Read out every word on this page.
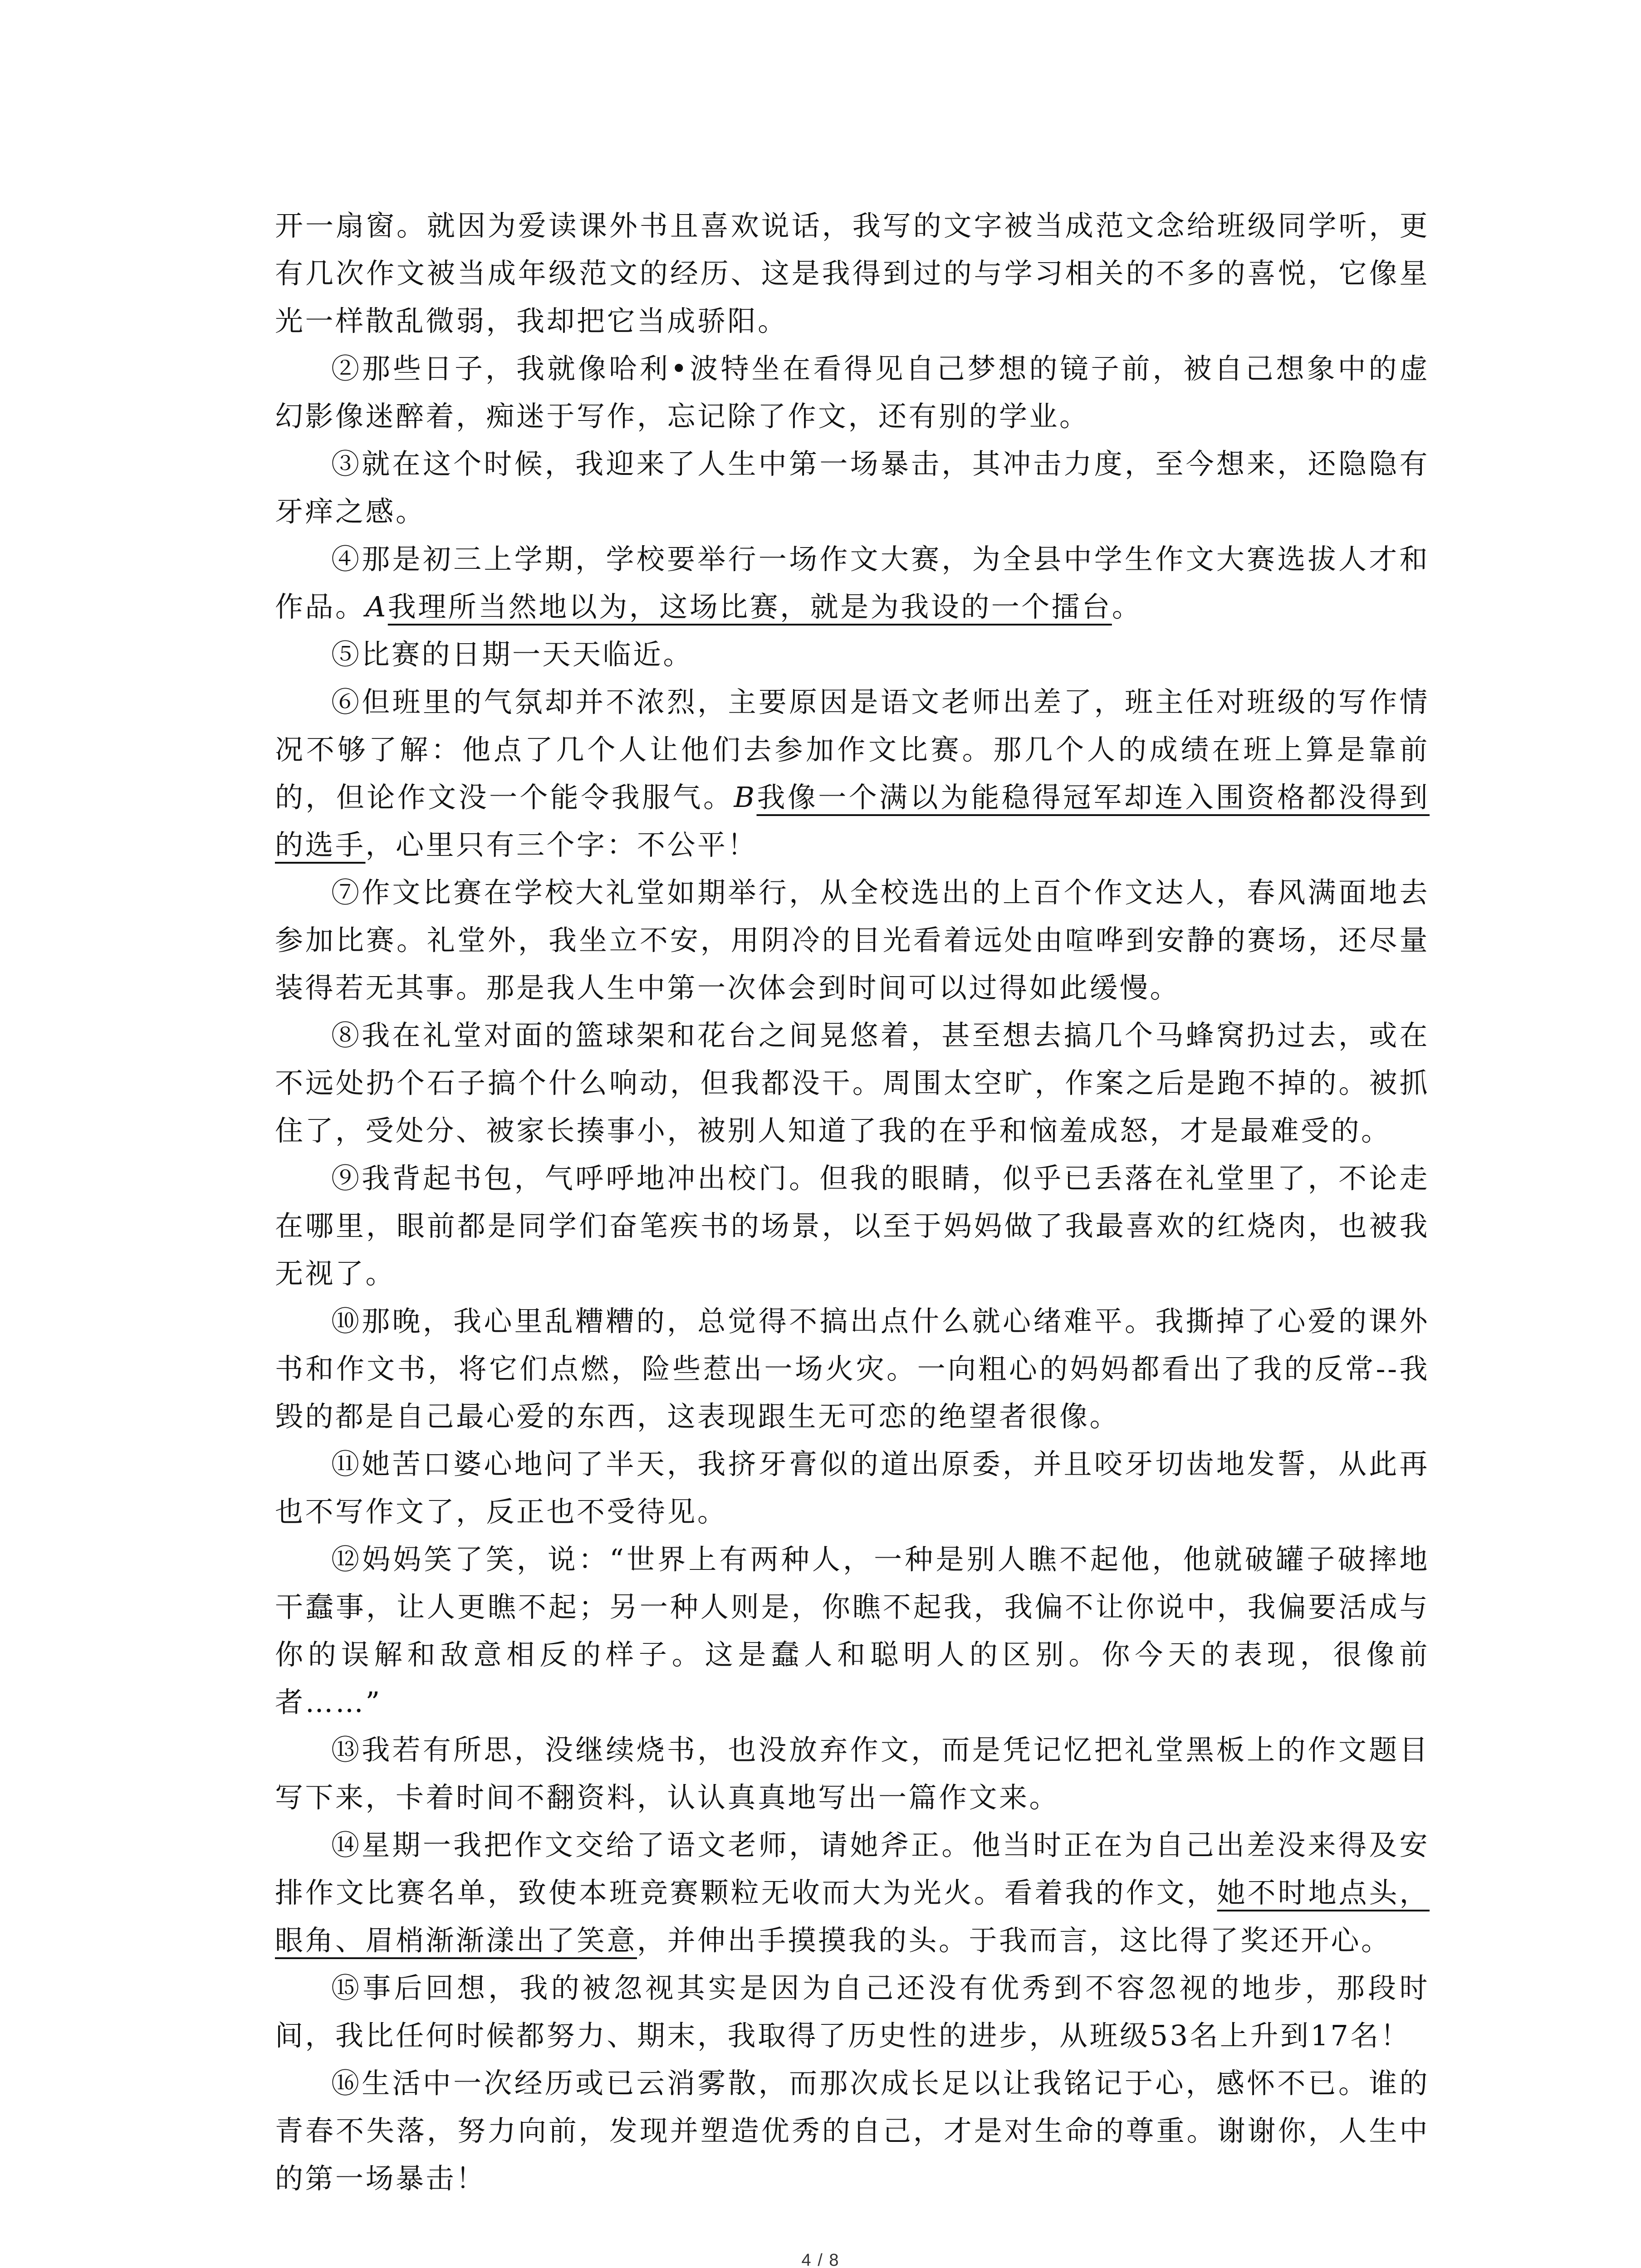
开一扇窗。就因为爱读课外书且喜欢说话，我写的文字被当成范文念给班级同学听，更有几次作文被当成年级范文的经历、这是我得到过的与学习相关的不多的喜悦，它像星光一样散乱微弱，我却把它当成骄阳。

②那些日子，我就像哈利•波特坐在看得见自己梦想的镜子前，被自己想象中的虚幻影像迷醉着，痴迷于写作，忘记除了作文，还有别的学业。

③就在这个时候，我迎来了人生中第一场暴击，其冲击力度，至今想来，还隐隐有牙痒之感。

④那是初三上学期，学校要举行一场作文大赛，为全县中学生作文大赛选拔人才和作品。A我理所当然地以为，这场比赛，就是为我设的一个擂台。

⑤比赛的日期一天天临近。

⑥但班里的气氛却并不浓烈，主要原因是语文老师出差了，班主任对班级的写作情况不够了解：他点了几个人让他们去参加作文比赛。那几个人的成绩在班上算是靠前的，但论作文没一个能令我服气。B我像一个满以为能稳得冠军却连入围资格都没得到的选手，心里只有三个字：不公平！

⑦作文比赛在学校大礼堂如期举行，从全校选出的上百个作文达人，春风满面地去参加比赛。礼堂外，我坐立不安，用阴冷的目光看着远处由喧哗到安静的赛场，还尽量装得若无其事。那是我人生中第一次体会到时间可以过得如此缓慢。

⑧我在礼堂对面的篮球架和花台之间晃悠着，甚至想去搞几个马蜂窝扔过去，或在不远处扔个石子搞个什么响动，但我都没干。周围太空旷，作案之后是跑不掉的。被抓住了，受处分、被家长揍事小，被别人知道了我的在乎和恼羞成怒，才是最难受的。

⑨我背起书包，气呼呼地冲出校门。但我的眼睛，似乎已丢落在礼堂里了，不论走在哪里，眼前都是同学们奋笔疾书的场景，以至于妈妈做了我最喜欢的红烧肉，也被我无视了。

⑩那晚，我心里乱糟糟的，总觉得不搞出点什么就心绪难平。我撕掉了心爱的课外书和作文书，将它们点燃，险些惹出一场火灾。一向粗心的妈妈都看出了我的反常--我毁的都是自己最心爱的东西，这表现跟生无可恋的绝望者很像。

⑪她苦口婆心地问了半天，我挤牙膏似的道出原委，并且咬牙切齿地发誓，从此再也不写作文了，反正也不受待见。

⑫妈妈笑了笑，说：“世界上有两种人，一种是别人瞧不起他，他就破罐子破摔地干蠢事，让人更瞧不起；另一种人则是，你瞧不起我，我偏不让你说中，我偏要活成与你的误解和敌意相反的样子。这是蠢人和聪明人的区别。你今天的表现，很像前者……”

⑬我若有所思，没继续烧书，也没放弃作文，而是凭记忆把礼堂黑板上的作文题目写下来，卡着时间不翻资料，认认真真地写出一篇作文来。

⑭星期一我把作文交给了语文老师，请她斧正。他当时正在为自己出差没来得及安排作文比赛名单，致使本班竞赛颗粒无收而大为光火。看着我的作文，她不时地点头，眼角、眉梢渐渐漾出了笑意，并伸出手摸摸我的头。于我而言，这比得了奖还开心。

⑮事后回想，我的被忽视其实是因为自己还没有优秀到不容忽视的地步，那段时间，我比任何时候都努力、期末，我取得了历史性的进步，从班级53名上升到17名！

⑯生活中一次经历或已云消雾散，而那次成长足以让我铭记于心，感怀不已。谁的青春不失落，努力向前，发现并塑造优秀的自己，才是对生命的尊重。谢谢你，人生中的第一场暴击！

4 / 8
